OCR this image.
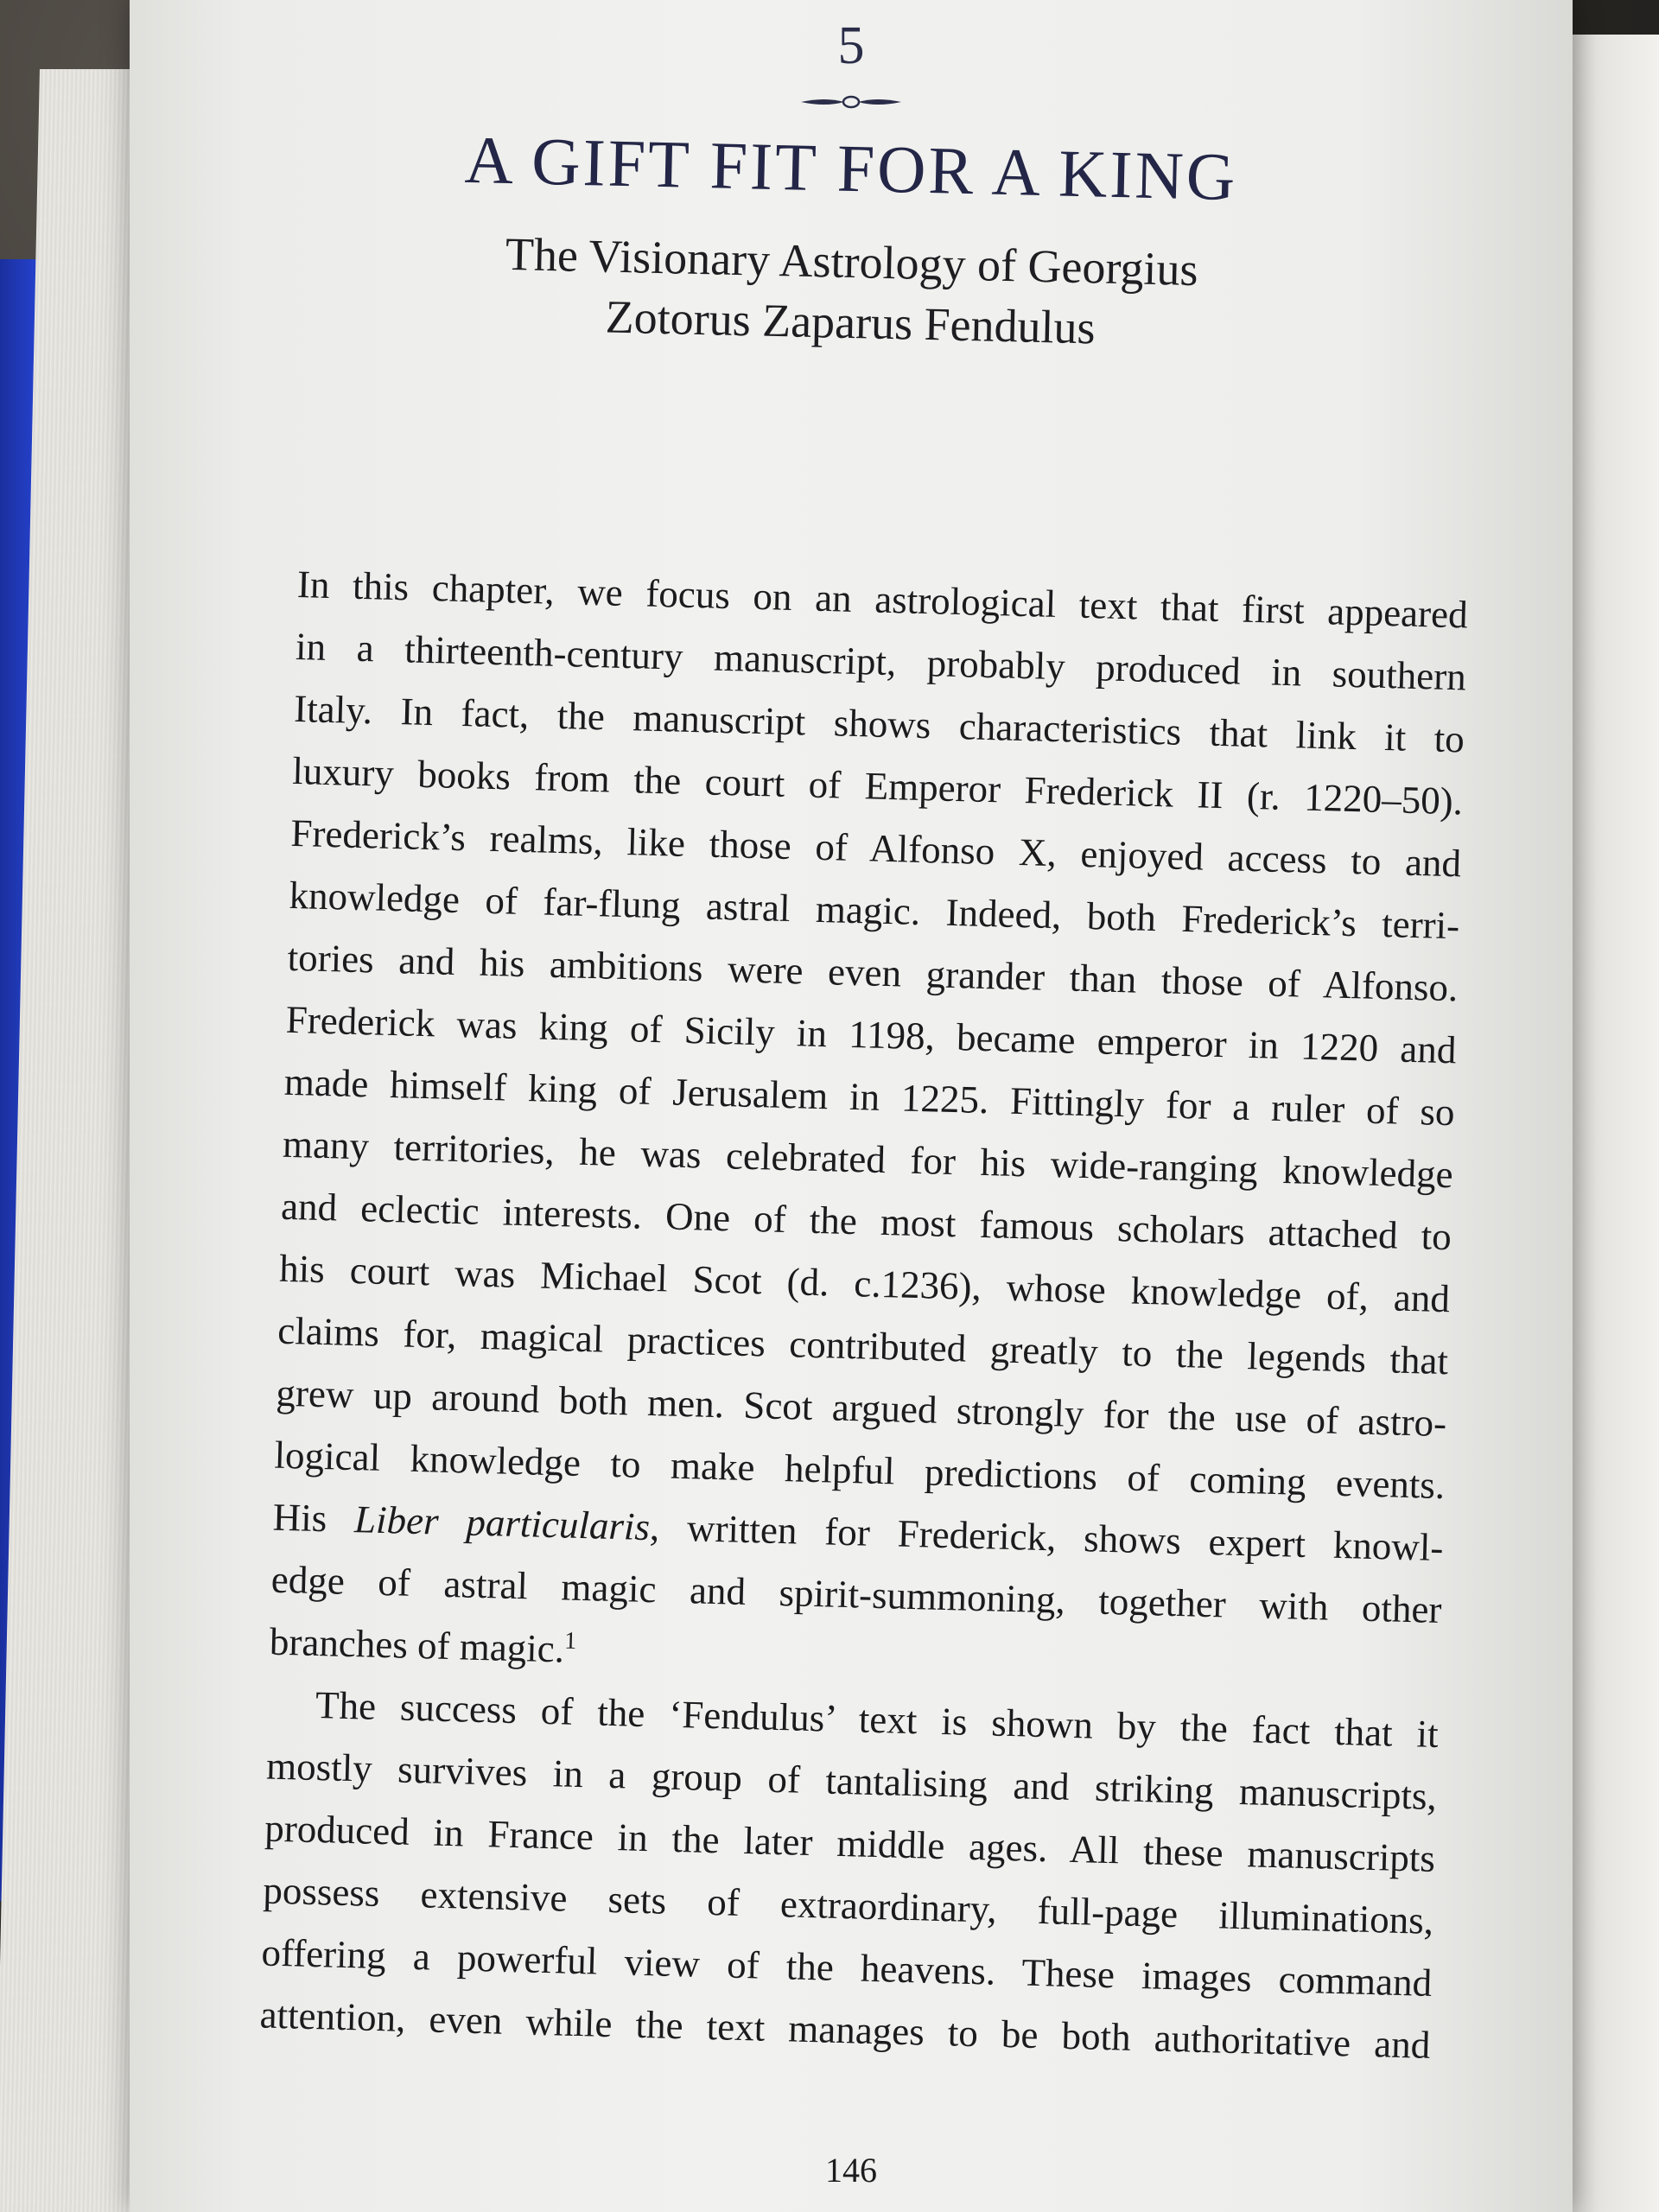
5
A GIFT FIT FOR A KING
The Visionary Astrology of Georgius
Zotorus Zaparus Fendulus
In this chapter, we focus on an astrological text that first appeared
in a thirteenth-century manuscript, probably produced in southern
Italy. In fact, the manuscript shows characteristics that link it to
luxury books from the court of Emperor Frederick II (r. 1220–50).
Frederick’s realms, like those of Alfonso X, enjoyed access to and
knowledge of far-flung astral magic. Indeed, both Frederick’s terri-
tories and his ambitions were even grander than those of Alfonso.
Frederick was king of Sicily in 1198, became emperor in 1220 and
made himself king of Jerusalem in 1225. Fittingly for a ruler of so
many territories, he was celebrated for his wide-ranging knowledge
and eclectic interests. One of the most famous scholars attached to
his court was Michael Scot (d. c.1236), whose knowledge of, and
claims for, magical practices contributed greatly to the legends that
grew up around both men. Scot argued strongly for the use of astro-
logical knowledge to make helpful predictions of coming events.
His Liber particularis, written for Frederick, shows expert knowl-
edge of astral magic and spirit-summoning, together with other
branches of magic.$^1$
The success of the ‘Fendulus’ text is shown by the fact that it
mostly survives in a group of tantalising and striking manuscripts,
produced in France in the later middle ages. All these manuscripts
possess extensive sets of extraordinary, full-page illuminations,
offering a powerful view of the heavens. These images command
attention, even while the text manages to be both authoritative and
146
